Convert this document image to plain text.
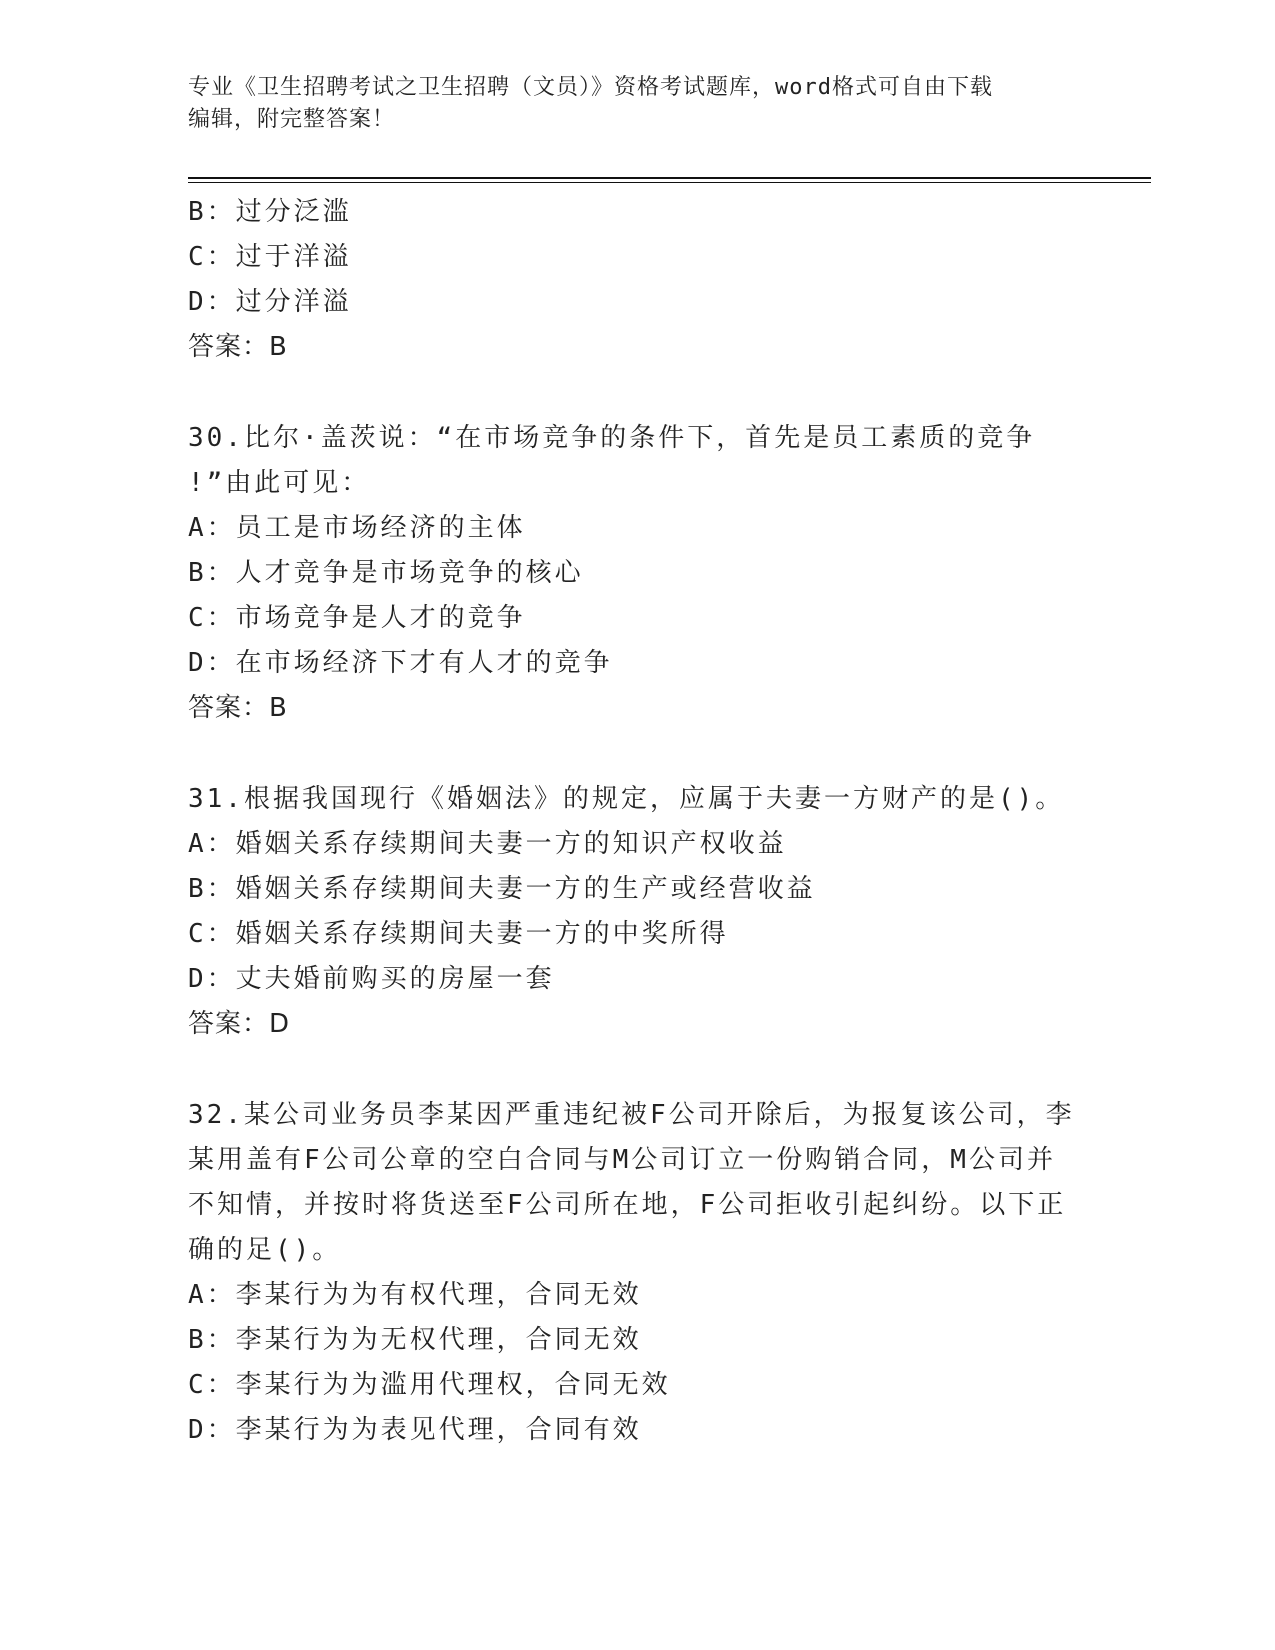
专业《卫生招聘考试之卫生招聘（文员）》资格考试题库，word格式可自由下载
编辑，附完整答案！
B：过分泛滥
C：过于洋溢
D：过分洋溢
答案：B
30.比尔·盖茨说：“在市场竞争的条件下，首先是员工素质的竞争
!”由此可见：
A：员工是市场经济的主体
B：人才竞争是市场竞争的核心
C：市场竞争是人才的竞争
D：在市场经济下才有人才的竞争
答案：B
31.根据我国现行《婚姻法》的规定，应属于夫妻一方财产的是()。
A：婚姻关系存续期间夫妻一方的知识产权收益
B：婚姻关系存续期间夫妻一方的生产或经营收益
C：婚姻关系存续期间夫妻一方的中奖所得
D：丈夫婚前购买的房屋一套
答案：D
32.某公司业务员李某因严重违纪被F公司开除后，为报复该公司，李
某用盖有F公司公章的空白合同与M公司订立一份购销合同，M公司并
不知情，并按时将货送至F公司所在地，F公司拒收引起纠纷。以下正
确的足()。
A：李某行为为有权代理，合同无效
B：李某行为为无权代理，合同无效
C：李某行为为滥用代理权，合同无效
D：李某行为为表见代理，合同有效
